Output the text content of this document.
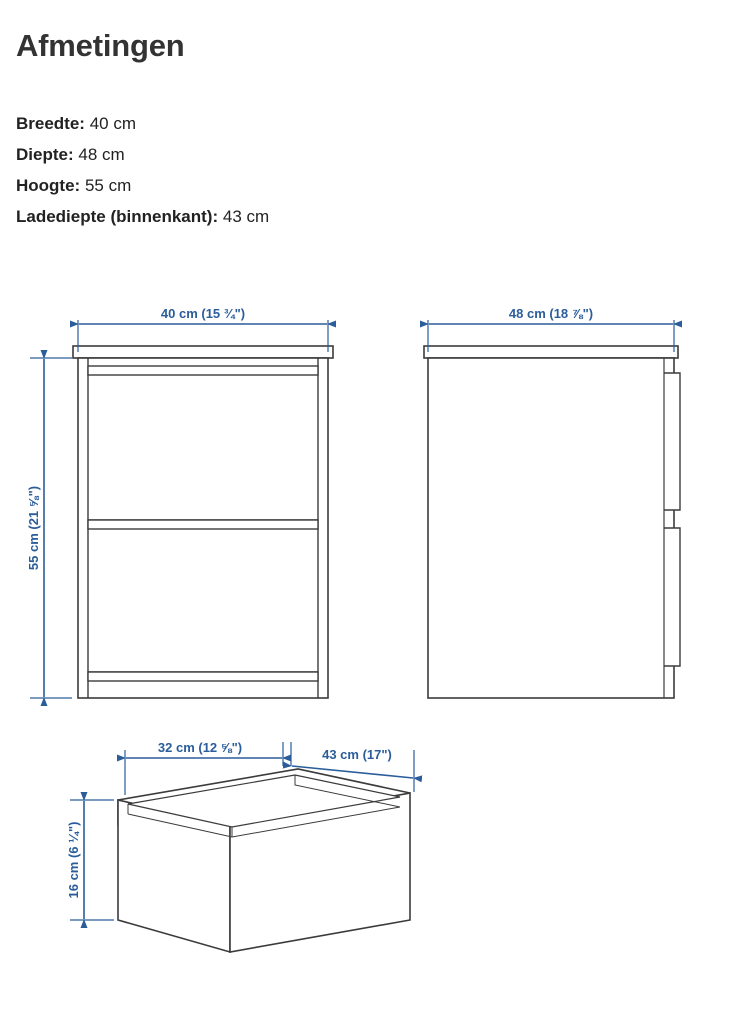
Afmetingen
Breedte: 40 cm
Diepte: 48 cm
Hoogte: 55 cm
Ladediepte (binnenkant): 43 cm
40 cm (15 ¾")
55 cm (21 ⅝")
48 cm (18 ⅞")
32 cm (12 ⅝")	43 cm (17")
16 cm (6 ¼")
